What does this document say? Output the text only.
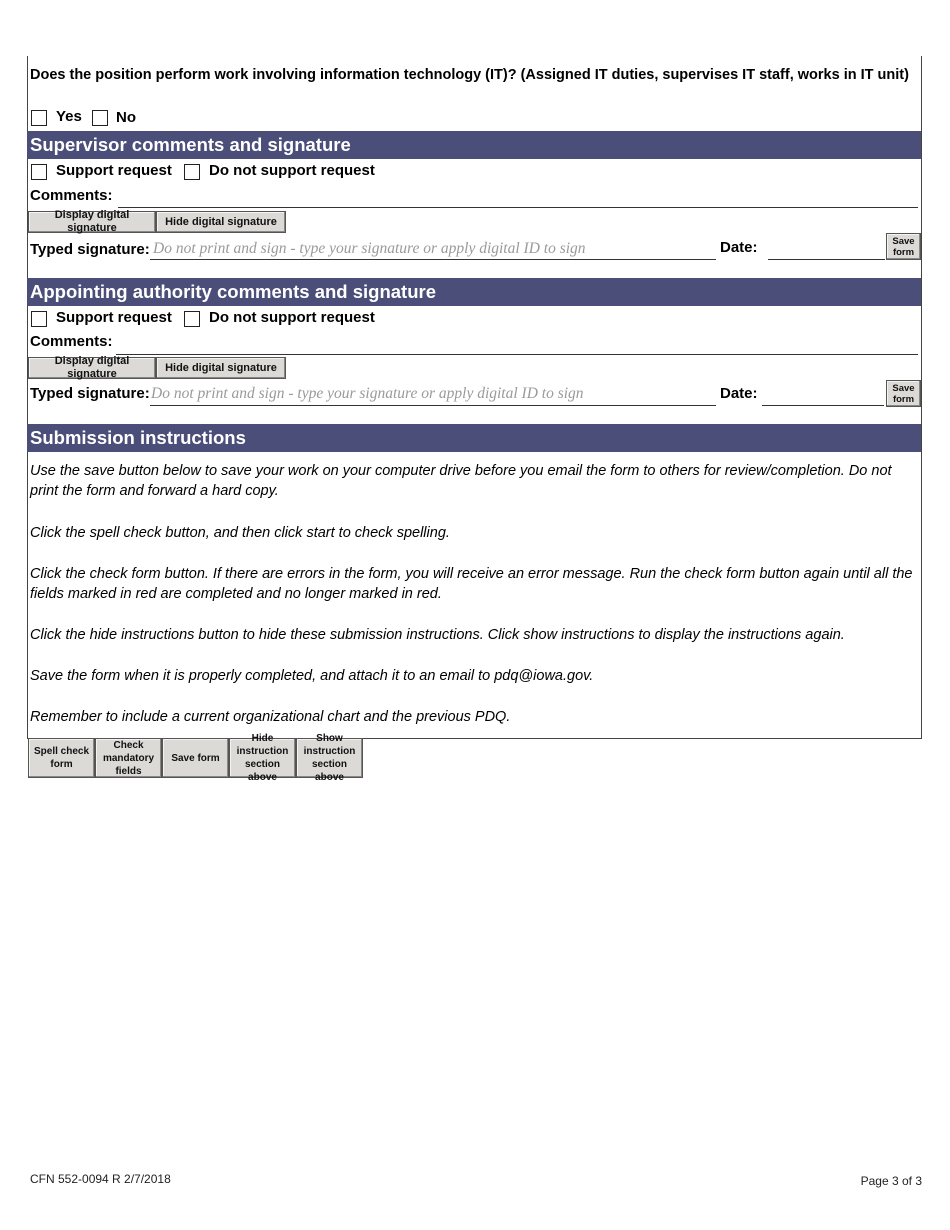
Does the position perform work involving information technology (IT)? (Assigned IT duties, supervises IT staff, works in IT unit)
Yes No
Supervisor comments and signature
Support request Do not support request
Comments:
Display digital signature
Hide digital signature
Typed signature: Do not print and sign - type your signature or apply digital ID to sign	Date:	Save form
Appointing authority comments and signature
Support request Do not support request
Comments:
Display digital signature
Hide digital signature
Typed signature: Do not print and sign - type your signature or apply digital ID to sign	Date:	Save form
Submission instructions
Use the save button below to save your work on your computer drive before you email the form to others for review/completion. Do not print the form and forward a hard copy.
Click the spell check button, and then click start to check spelling.
Click the check form button. If there are errors in the form, you will receive an error message. Run the check form button again until all the fields marked in red are completed and no longer marked in red.
Click the hide instructions button to hide these submission instructions. Click show instructions to display the instructions again.
Save the form when it is properly completed, and attach it to an email to pdq@iowa.gov.
Remember to include a current organizational chart and the previous PDQ.
Spell check form
Check mandatory fields
Save form
Hide instruction section above
Show instruction section above
CFN 552-0094 R 2/7/2018	Page 3 of 3
